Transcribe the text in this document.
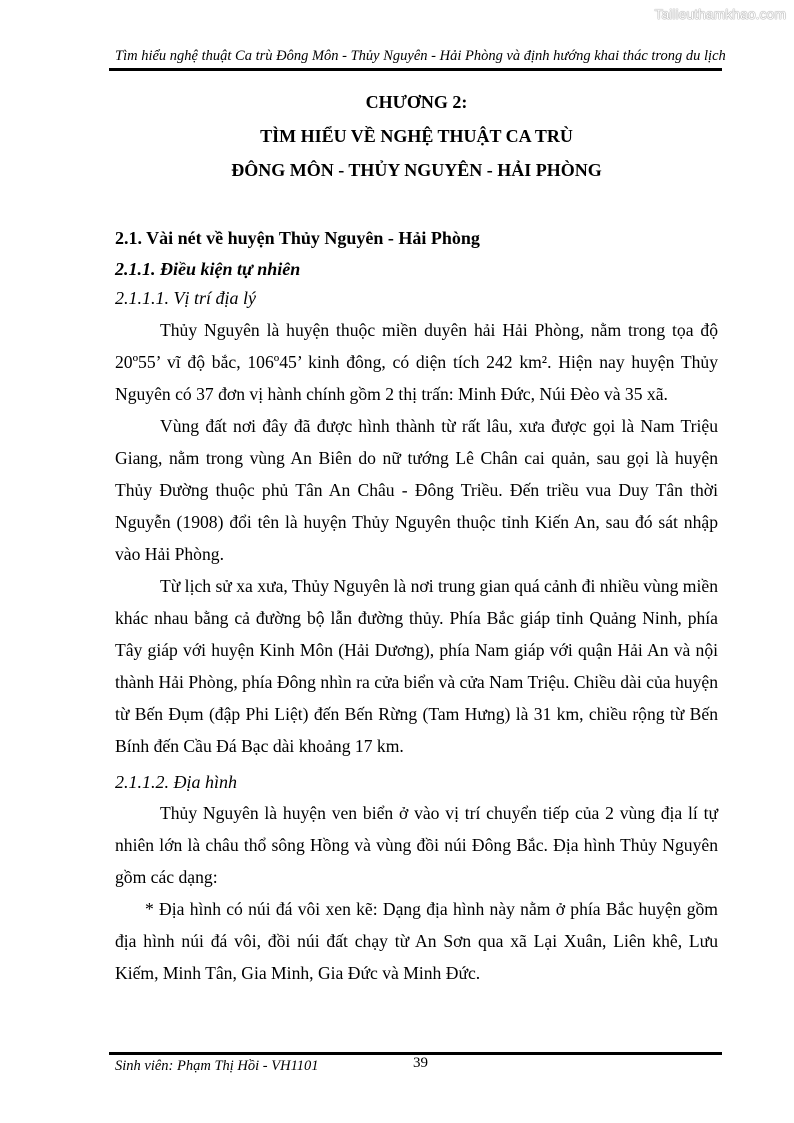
Tailieuthamkhao.com
Tìm hiểu nghệ thuật Ca trù Đông Môn - Thủy Nguyên - Hải Phòng và định hướng khai thác trong du lịch
CHƯƠNG 2:
TÌM HIỂU VỀ NGHỆ THUẬT CA TRÙ
ĐÔNG MÔN - THỦY NGUYÊN - HẢI PHÒNG
2.1. Vài nét về huyện Thủy Nguyên - Hải Phòng
2.1.1. Điều kiện tự nhiên
2.1.1.1. Vị trí địa lý

Thủy Nguyên là huyện thuộc miền duyên hải Hải Phòng, nằm trong tọa độ 20º55’ vĩ độ bắc, 106º45’ kinh đông, có diện tích 242 km². Hiện nay huyện Thủy Nguyên có 37 đơn vị hành chính gồm 2 thị trấn: Minh Đức, Núi Đèo và 35 xã.

Vùng đất nơi đây đã được hình thành từ rất lâu, xưa được gọi là Nam Triệu Giang, nằm trong vùng An Biên do nữ tướng Lê Chân cai quản, sau gọi là huyện Thủy Đường thuộc phủ Tân An Châu - Đông Triều. Đến triều vua Duy Tân thời Nguyễn (1908) đổi tên là huyện Thủy Nguyên thuộc tỉnh Kiến An, sau đó sát nhập vào Hải Phòng.

Từ lịch sử xa xưa, Thủy Nguyên là nơi trung gian quá cảnh đi nhiều vùng miền khác nhau bằng cả đường bộ lẫn đường thủy. Phía Bắc giáp tỉnh Quảng Ninh, phía Tây giáp với huyện Kinh Môn (Hải Dương), phía Nam giáp với quận Hải An và nội thành Hải Phòng, phía Đông nhìn ra cửa biển và cửa Nam Triệu. Chiều dài của huyện từ Bến Đụm (đập Phi Liệt) đến Bến Rừng (Tam Hưng) là 31 km, chiều rộng từ Bến Bính đến Cầu Đá Bạc dài khoảng 17 km.

2.1.1.2. Địa hình

Thủy Nguyên là huyện ven biển ở vào vị trí chuyển tiếp của 2 vùng địa lí tự nhiên lớn là châu thổ sông Hồng và vùng đồi núi Đông Bắc. Địa hình Thủy Nguyên gồm các dạng:

* Địa hình có núi đá vôi xen kẽ: Dạng địa hình này nằm ở phía Bắc huyện gồm địa hình núi đá vôi, đồi núi đất chạy từ An Sơn qua xã Lại Xuân, Liên khê, Lưu Kiếm, Minh Tân, Gia Minh, Gia Đức và Minh Đức.

Sinh viên: Phạm Thị Hồi - VH1101	39
